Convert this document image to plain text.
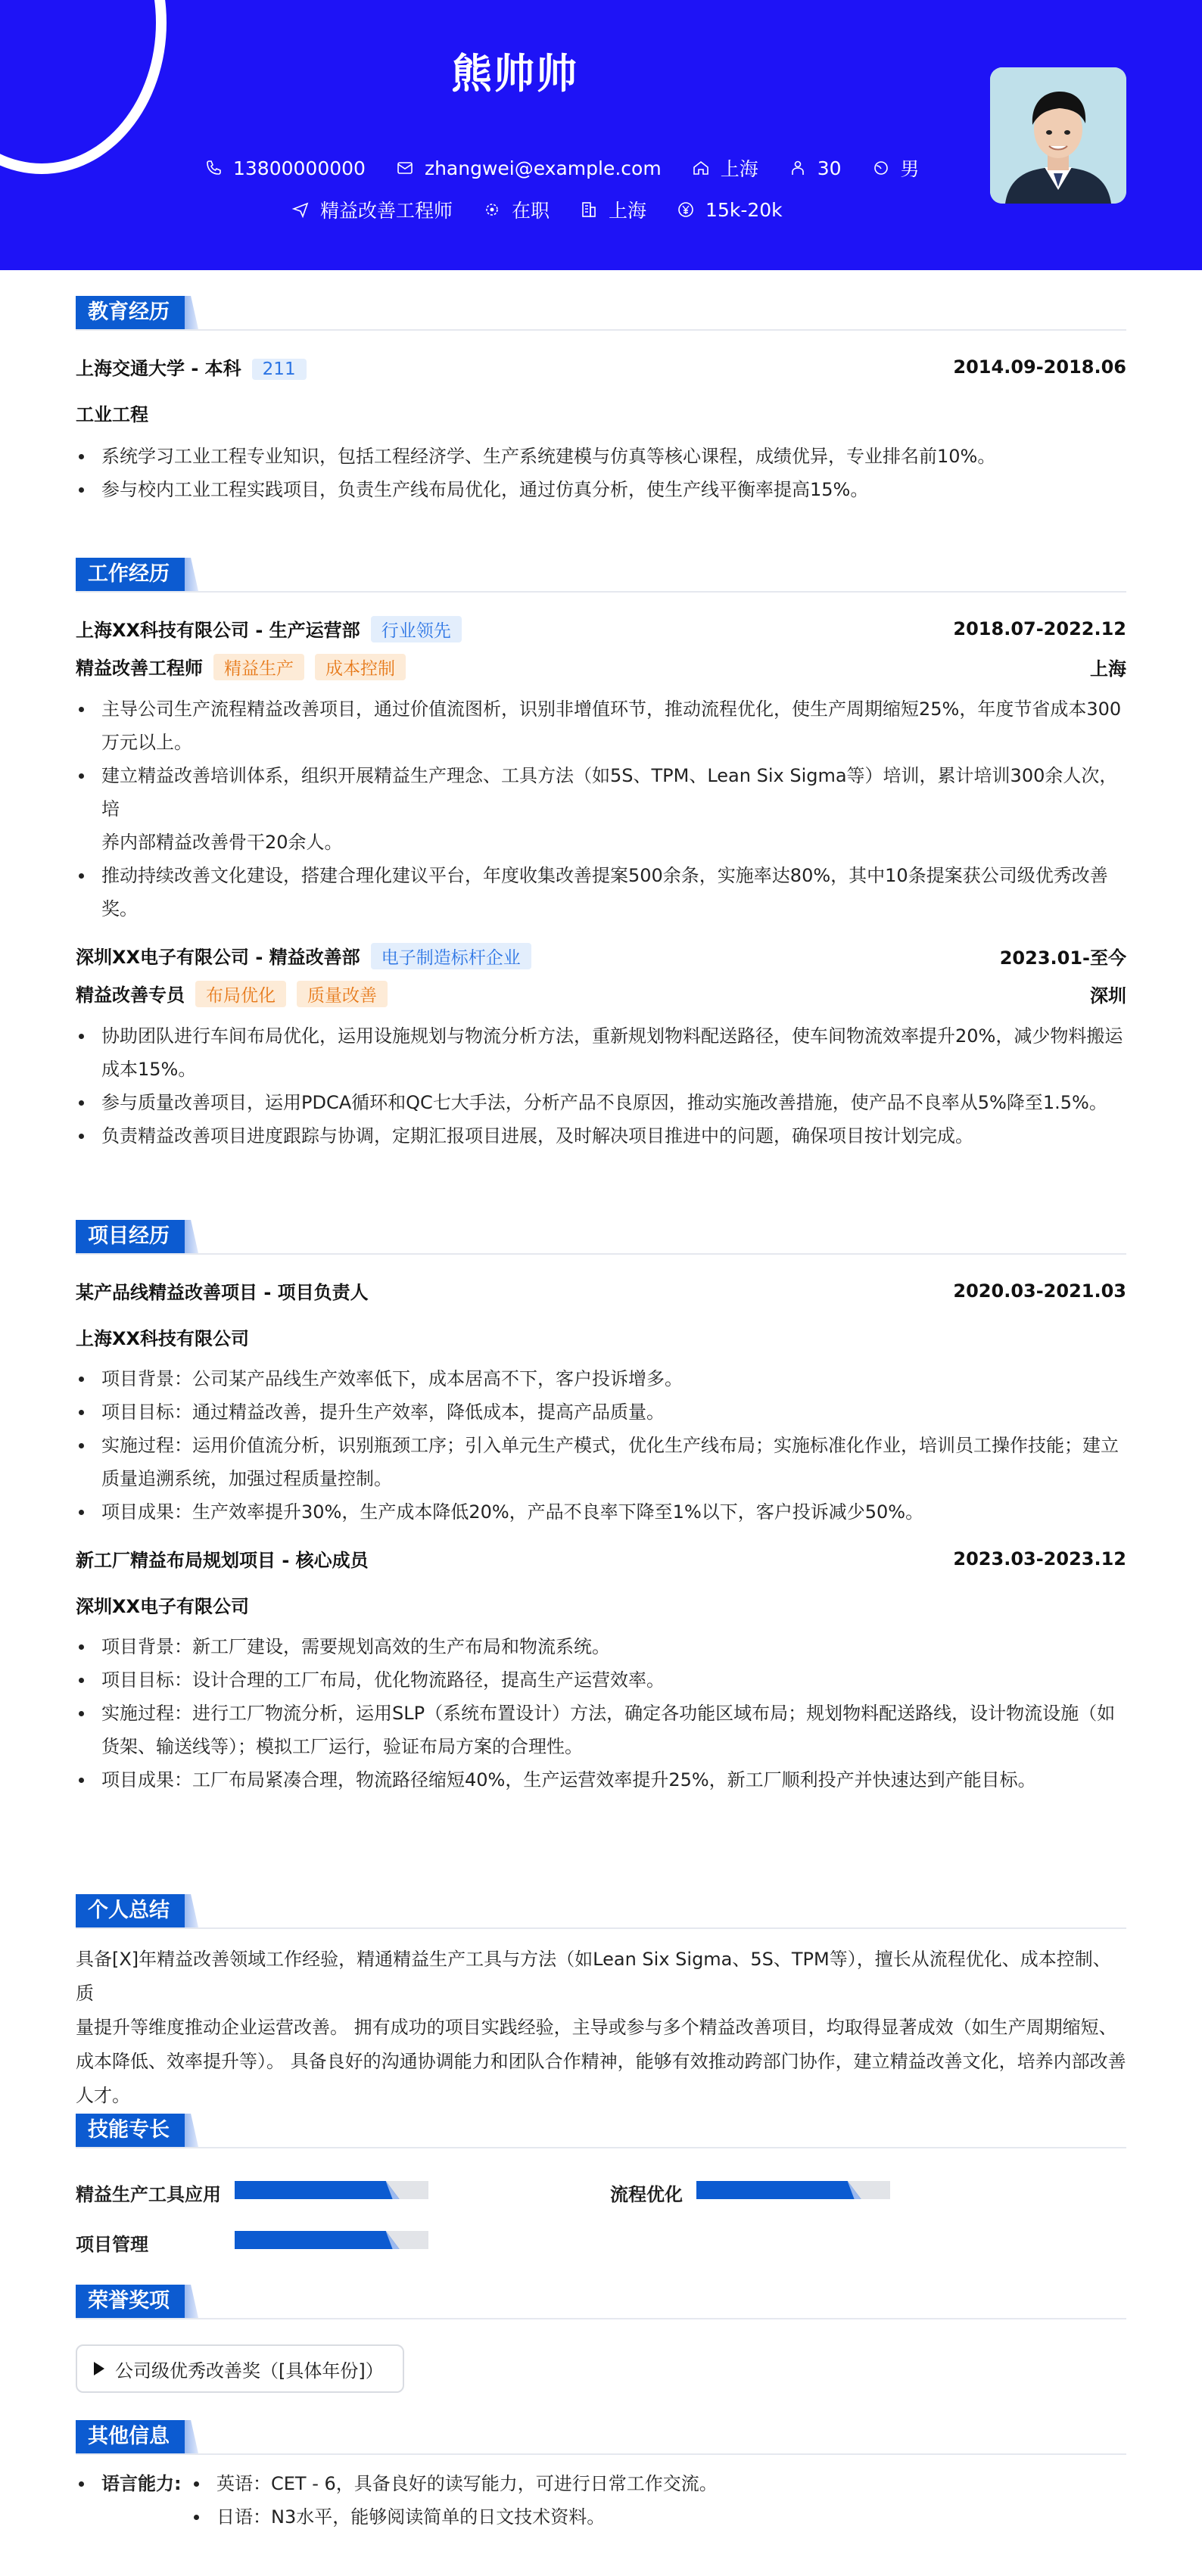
熊帅帅
13800000000	zhangwei@example.com	上海	30	男
精益改善工程师	在职	上海	15k-20k
教育经历
上海交通大学 - 本科 211	2014.09-2018.06
工业工程
系统学习工业工程专业知识，包括工程经济学、生产系统建模与仿真等核心课程，成绩优异，专业排名前10%。
参与校内工业工程实践项目，负责生产线布局优化，通过仿真分析，使生产线平衡率提高15%。
工作经历
上海XX科技有限公司 - 生产运营部 行业领先	2018.07-2022.12
精益改善工程师 精益生产 成本控制	上海
主导公司生产流程精益改善项目，通过价值流图析，识别非增值环节，推动流程优化，使生产周期缩短25%，年度节省成本300
万元以上。
建立精益改善培训体系，组织开展精益生产理念、工具方法（如5S、TPM、Lean Six Sigma等）培训，累计培训300余人次，培
养内部精益改善骨干20余人。
推动持续改善文化建设，搭建合理化建议平台，年度收集改善提案500余条，实施率达80%，其中10条提案获公司级优秀改善
奖。
深圳XX电子有限公司 - 精益改善部 电子制造标杆企业	2023.01-至今
精益改善专员 布局优化 质量改善	深圳
协助团队进行车间布局优化，运用设施规划与物流分析方法，重新规划物料配送路径，使车间物流效率提升20%，减少物料搬运
成本15%。
参与质量改善项目，运用PDCA循环和QC七大手法，分析产品不良原因，推动实施改善措施，使产品不良率从5%降至1.5%。
负责精益改善项目进度跟踪与协调，定期汇报项目进展，及时解决项目推进中的问题，确保项目按计划完成。
项目经历
某产品线精益改善项目 - 项目负责人	2020.03-2021.03
上海XX科技有限公司
项目背景：公司某产品线生产效率低下，成本居高不下，客户投诉增多。
项目目标：通过精益改善，提升生产效率，降低成本，提高产品质量。
实施过程：运用价值流分析，识别瓶颈工序；引入单元生产模式，优化生产线布局；实施标准化作业，培训员工操作技能；建立
质量追溯系统，加强过程质量控制。
项目成果：生产效率提升30%，生产成本降低20%，产品不良率下降至1%以下，客户投诉减少50%。
新工厂精益布局规划项目 - 核心成员	2023.03-2023.12
深圳XX电子有限公司
项目背景：新工厂建设，需要规划高效的生产布局和物流系统。
项目目标：设计合理的工厂布局，优化物流路径，提高生产运营效率。
实施过程：进行工厂物流分析，运用SLP（系统布置设计）方法，确定各功能区域布局；规划物料配送路线，设计物流设施（如
货架、输送线等）；模拟工厂运行，验证布局方案的合理性。
项目成果：工厂布局紧凑合理，物流路径缩短40%，生产运营效率提升25%，新工厂顺利投产并快速达到产能目标。
个人总结
具备[X]年精益改善领域工作经验，精通精益生产工具与方法（如Lean Six Sigma、5S、TPM等），擅长从流程优化、成本控制、质
量提升等维度推动企业运营改善。 拥有成功的项目实践经验，主导或参与多个精益改善项目，均取得显著成效（如生产周期缩短、
成本降低、效率提升等）。 具备良好的沟通协调能力和团队合作精神，能够有效推动跨部门协作，建立精益改善文化，培养内部改善
人才。
技能专长
精益生产工具应用	流程优化
项目管理
荣誉奖项
公司级优秀改善奖（[具体年份]）
其他信息
语言能力:	英语：CET - 6，具备良好的读写能力，可进行日常工作交流。
日语：N3水平，能够阅读简单的日文技术资料。
